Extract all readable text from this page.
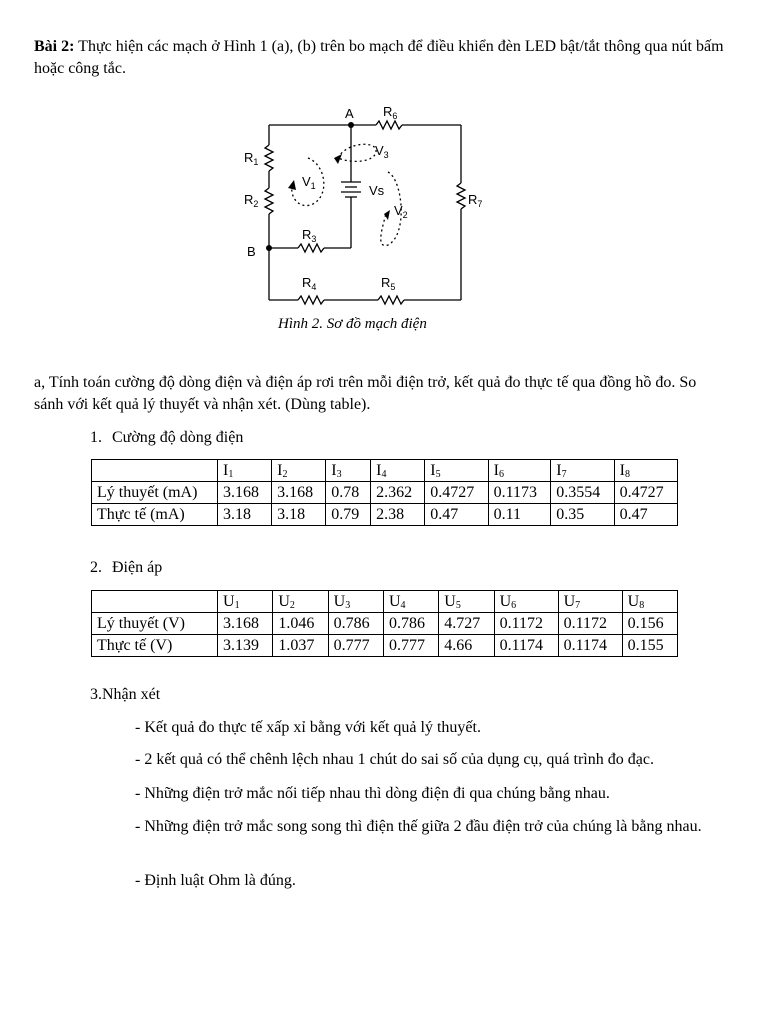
Bài 2: Thực hiện các mạch ở Hình 1 (a), (b) trên bo mạch để điều khiển đèn LED bật/tắt thông qua nút bấm hoặc công tắc.
A
B
$R_6$
$R_1$
$R_2$
$R_3$
$R_4$	$R_5$
$R_7$
$V_1$
$V_2$
$V_3$
Vs
Hình 2. Sơ đồ mạch điện
a, Tính toán cường độ dòng điện và điện áp rơi trên mỗi điện trở, kết quả đo thực tế qua đồng hồ đo. So sánh với kết quả lý thuyết và nhận xét. (Dùng table).
1. Cường độ dòng điện
	$I_1$	$I_2$	$I_3$	$I_4$	$I_5$	$I_6$	$I_7$	$I_8$
Lý thuyết (mA)	3.168	3.168	0.78	2.362	0.4727	0.1173	0.3554	0.4727
Thực tế (mA)	3.18	3.18	0.79	2.38	0.47	0.11	0.35	0.47
2. Điện áp
	$U_1$	$U_2$	$U_3$	$U_4$	$U_5$	$U_6$	$U_7$	$U_8$
Lý thuyết (V)	3.168	1.046	0.786	0.786	4.727	0.1172	0.1172	0.156
Thực tế (V)	3.139	1.037	0.777	0.777	4.66	0.1174	0.1174	0.155
3.Nhận xét
- Kết quả đo thực tế xấp xỉ bằng với kết quả lý thuyết.
- 2 kết quả có thể chênh lệch nhau 1 chút do sai số của dụng cụ, quá trình đo đạc.
- Những điện trở mắc nối tiếp nhau thì dòng điện đi qua chúng bằng nhau.
- Những điện trở mắc song song thì điện thế giữa 2 đầu điện trở của chúng là bằng nhau.
- Định luật Ohm là đúng.
